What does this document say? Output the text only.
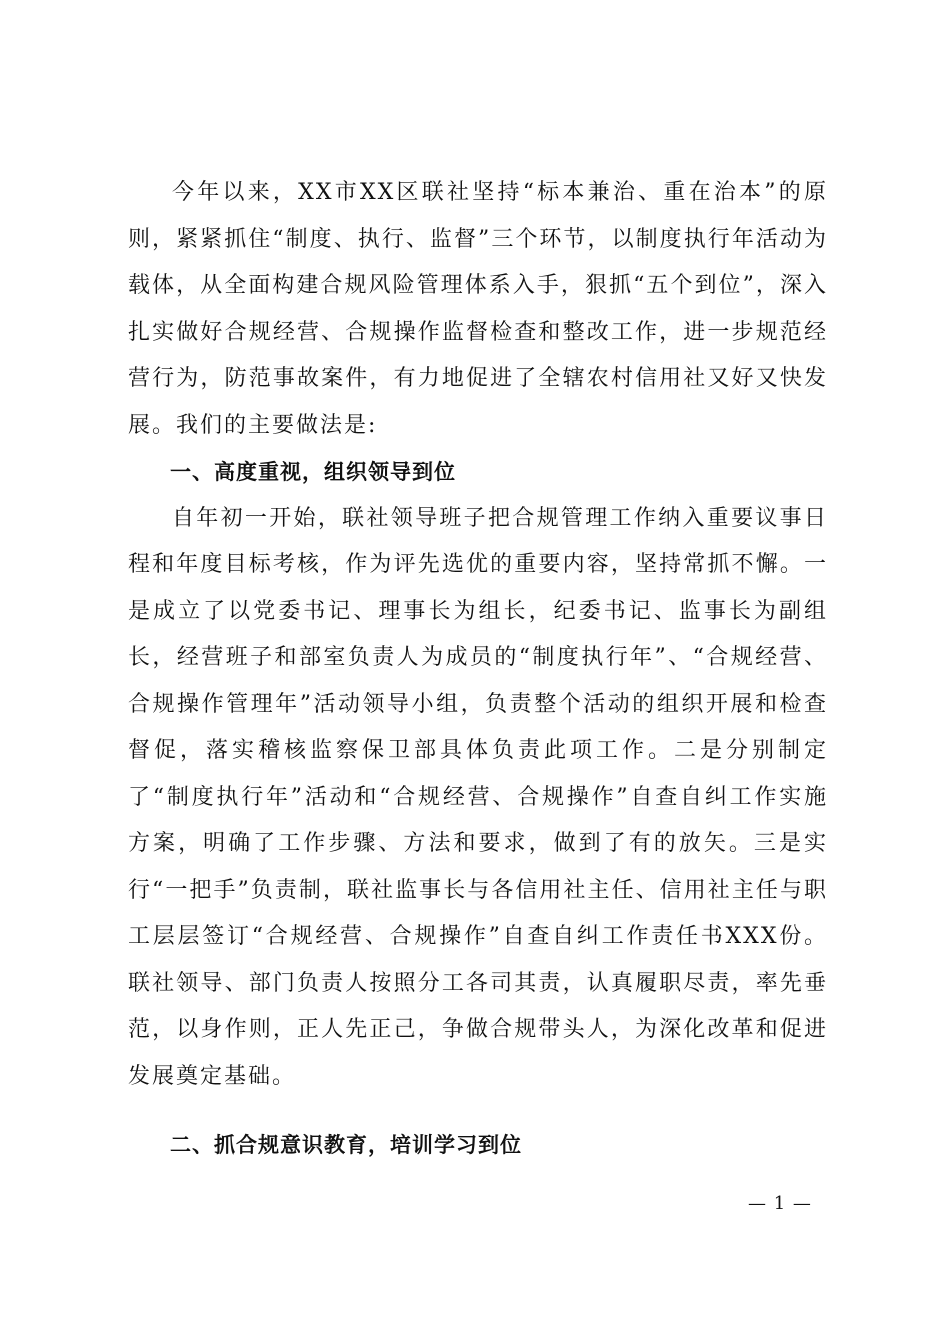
今年以来，XX市XX区联社坚持“标本兼治、重在治本”的原则，紧紧抓住“制度、执行、监督”三个环节，以制度执行年活动为载体，从全面构建合规风险管理体系入手，狠抓“五个到位”，深入扎实做好合规经营、合规操作监督检查和整改工作，进一步规范经营行为，防范事故案件，有力地促进了全辖农村信用社又好又快发展。我们的主要做法是:

一、高度重视，组织领导到位

自年初一开始，联社领导班子把合规管理工作纳入重要议事日程和年度目标考核，作为评先选优的重要内容，坚持常抓不懈。一是成立了以党委书记、理事长为组长，纪委书记、监事长为副组长，经营班子和部室负责人为成员的“制度执行年”、“合规经营、合规操作管理年”活动领导小组，负责整个活动的组织开展和检查督促，落实稽核监察保卫部具体负责此项工作。二是分别制定了“制度执行年”活动和“合规经营、合规操作”自查自纠工作实施方案，明确了工作步骤、方法和要求，做到了有的放矢。三是实行“一把手”负责制，联社监事长与各信用社主任、信用社主任与职工层层签订“合规经营、合规操作”自查自纠工作责任书XXX份。联社领导、部门负责人按照分工各司其责，认真履职尽责，率先垂范，以身作则，正人先正己，争做合规带头人，为深化改革和促进发展奠定基础。

二、抓合规意识教育，培训学习到位
— 1 —
